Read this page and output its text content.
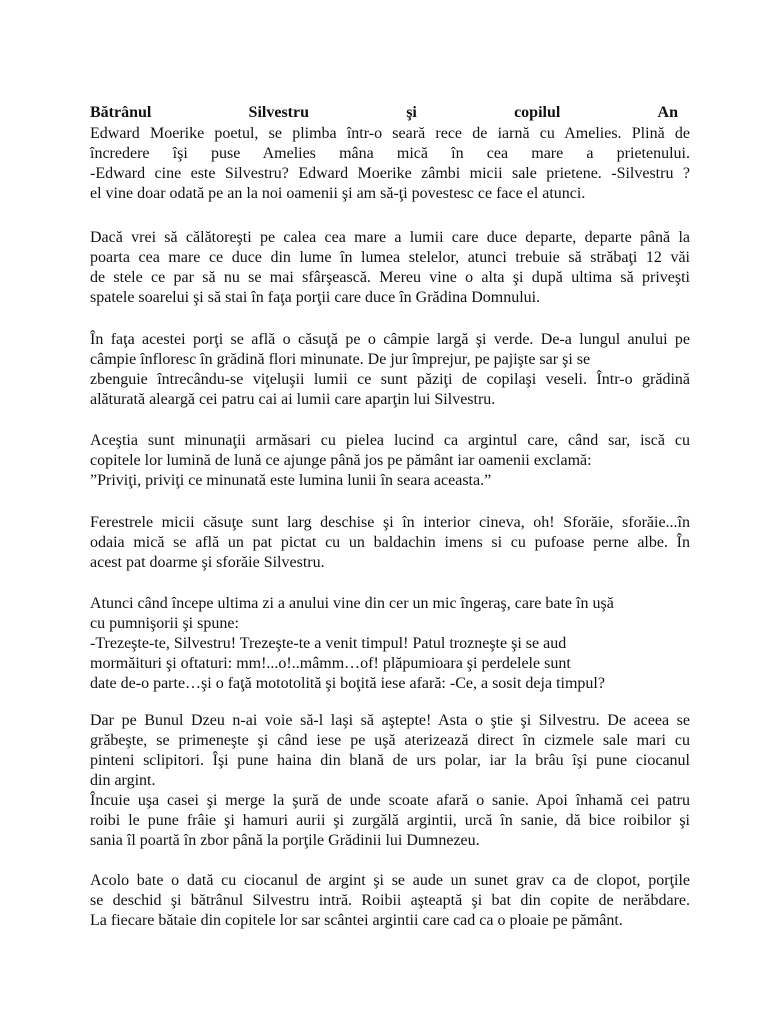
Bătrânul	Silvestru	şi	copilul	An
Edward Moerike poetul, se plimba într-o seară rece de iarnă cu Amelies. Plină de
încredere îşi puse Amelies mâna mică în cea mare a prietenului.
-Edward cine este Silvestru? Edward Moerike zâmbi micii sale prietene. -Silvestru ?
el vine doar odată pe an la noi oamenii şi am să-ţi povestesc ce face el atunci.
Dacă vrei să călătoreşti pe calea cea mare a lumii care duce departe, departe până la
poarta cea mare ce duce din lume în lumea stelelor, atunci trebuie să străbaţi 12 văi
de stele ce par să nu se mai sfârşească. Mereu vine o alta şi după ultima să priveşti
spatele soarelui şi să stai în faţa porţii care duce în Grădina Domnului.
În faţa acestei porţi se află o căsuţă pe o câmpie largă şi verde. De-a lungul anului pe
câmpie înfloresc în grădină flori minunate. De jur împrejur, pe pajişte sar şi se
zbenguie întrecându-se viţeluşii lumii ce sunt păziţi de copilaşi veseli. Într-o grădină
alăturată aleargă cei patru cai ai lumii care aparţin lui Silvestru.
Aceştia sunt minunaţii armăsari cu pielea lucind ca argintul care, când sar, iscă cu
copitele lor lumină de lună ce ajunge până jos pe pământ iar oamenii exclamă:
”Priviţi, priviţi ce minunată este lumina lunii în seara aceasta.”
Ferestrele micii căsuţe sunt larg deschise şi în interior cineva, oh! Sforăie, sforăie...în
odaia mică se află un pat pictat cu un baldachin imens si cu pufoase perne albe. În
acest pat doarme şi sforăie Silvestru.
Atunci când începe ultima zi a anului vine din cer un mic îngeraş, care bate în uşă
cu pumnişorii şi spune:
-Trezeşte-te, Silvestru! Trezeşte-te a venit timpul! Patul trozneşte şi se aud
mormăituri şi oftaturi: mm!...o!..mâmm…of! plăpumioara şi perdelele sunt
date de-o parte…şi o faţă mototolită şi boţită iese afară: -Ce, a sosit deja timpul?
Dar pe Bunul Dzeu n-ai voie să-l laşi să aştepte! Asta o ştie şi Silvestru. De aceea se
grăbeşte, se primeneşte şi când iese pe uşă aterizează direct în cizmele sale mari cu
pinteni sclipitori. Îşi pune haina din blană de urs polar, iar la brâu îşi pune ciocanul
din argint.
Încuie uşa casei şi merge la şură de unde scoate afară o sanie. Apoi înhamă cei patru
roibi le pune frâie şi hamuri aurii şi zurgălă argintii, urcă în sanie, dă bice roibilor şi
sania îl poartă în zbor până la porţile Grădinii lui Dumnezeu.
Acolo bate o dată cu ciocanul de argint şi se aude un sunet grav ca de clopot, porţile
se deschid şi bătrânul Silvestru intră. Roibii aşteaptă şi bat din copite de nerăbdare.
La fiecare bătaie din copitele lor sar scântei argintii care cad ca o ploaie pe pământ.
